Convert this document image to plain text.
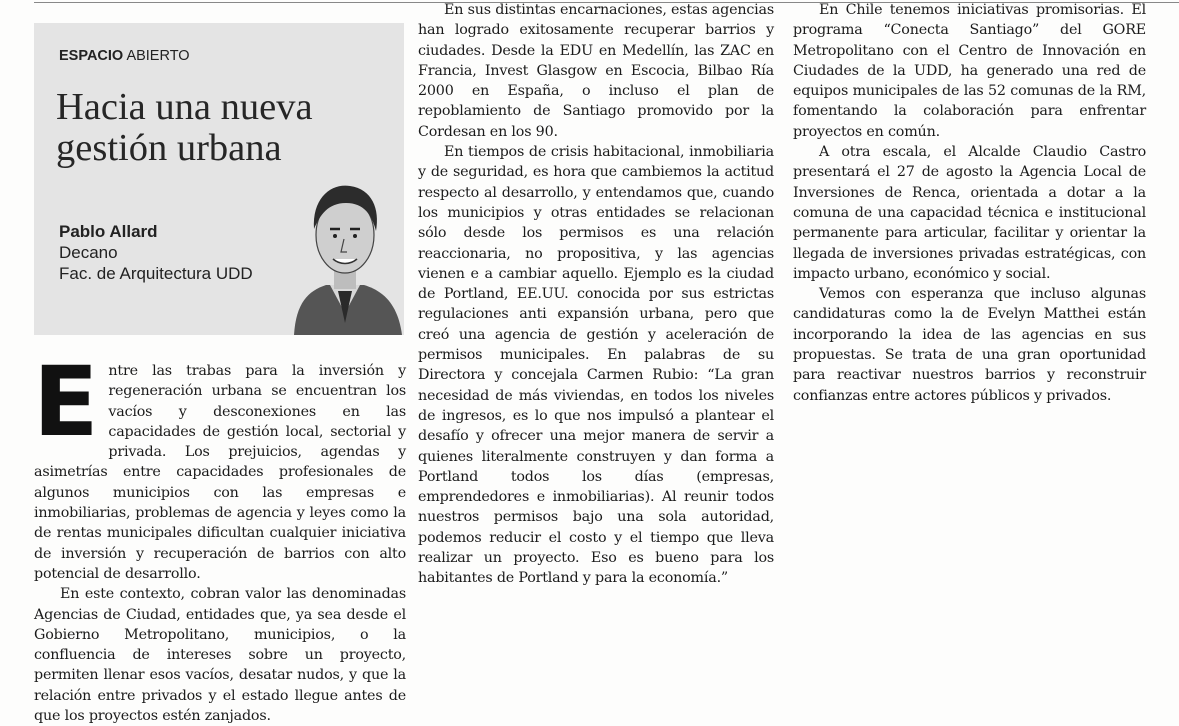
ESPACIO ABIERTO
Hacia una nueva gestión urbana
Pablo Allard
Decano
Fac. de Arquitectura UDD

Entre las trabas para la inversión y regeneración urbana se encuentran los vacíos y desconexiones en las capacidades de gestión local, sectorial y privada. Los prejuicios, agendas y asimetrías entre capacidades profesionales de algunos municipios con las empresas e inmobiliarias, problemas de agencia y leyes como la de rentas municipales dificultan cualquier iniciativa de inversión y recuperación de barrios con alto potencial de desarrollo.

En este contexto, cobran valor las denominadas Agencias de Ciudad, entidades que, ya sea desde el Gobierno Metropolitano, municipios, o la confluencia de intereses sobre un proyecto, permiten llenar esos vacíos, desatar nudos, y que la relación entre privados y el estado llegue antes de que los proyectos estén zanjados.

En sus distintas encarnaciones, estas agencias han logrado exitosamente recuperar barrios y ciudades. Desde la EDU en Medellín, las ZAC en Francia, Invest Glasgow en Escocia, Bilbao Ría 2000 en España, o incluso el plan de repoblamiento de Santiago promovido por la Cordesan en los 90.

En tiempos de crisis habitacional, inmobiliaria y de seguridad, es hora que cambiemos la actitud respecto al desarrollo, y entendamos que, cuando los municipios y otras entidades se relacionan sólo desde los permisos es una relación reaccionaria, no propositiva, y las agencias vienen e a cambiar aquello. Ejemplo es la ciudad de Portland, EE.UU. conocida por sus estrictas regulaciones anti expansión urbana, pero que creó una agencia de gestión y aceleración de permisos municipales. En palabras de su Directora y concejala Carmen Rubio: “La gran necesidad de más viviendas, en todos los niveles de ingresos, es lo que nos impulsó a plantear el desafío y ofrecer una mejor manera de servir a quienes literalmente construyen y dan forma a Portland todos los días (empresas, emprendedores e inmobiliarias). Al reunir todos nuestros permisos bajo una sola autoridad, podemos reducir el costo y el tiempo que lleva realizar un proyecto. Eso es bueno para los habitantes de Portland y para la economía.”

En Chile tenemos iniciativas promisorias. El programa “Conecta Santiago” del GORE Metropolitano con el Centro de Innovación en Ciudades de la UDD, ha generado una red de equipos municipales de las 52 comunas de la RM, fomentando la colaboración para enfrentar proyectos en común.

A otra escala, el Alcalde Claudio Castro presentará el 27 de agosto la Agencia Local de Inversiones de Renca, orientada a dotar a la comuna de una capacidad técnica e institucional permanente para articular, facilitar y orientar la llegada de inversiones privadas estratégicas, con impacto urbano, económico y social.

Vemos con esperanza que incluso algunas candidaturas como la de Evelyn Matthei están incorporando la idea de las agencias en sus propuestas. Se trata de una gran oportunidad para reactivar nuestros barrios y reconstruir confianzas entre actores públicos y privados.
